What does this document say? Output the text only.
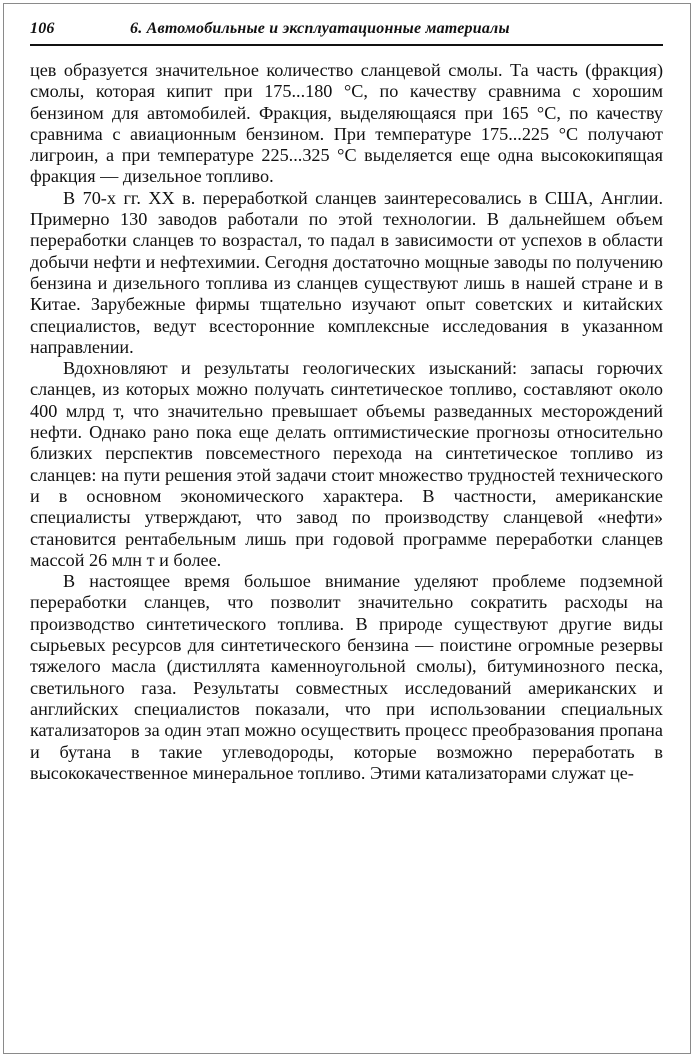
106	6. Автомобильные и эксплуатационные материалы

цев образуется значительное количество сланцевой смолы. Та часть (фракция) смолы, которая кипит при 175...180 °С, по качеству сравнима с хорошим бензином для автомобилей. Фракция, выделяющаяся при 165 °С, по качеству сравнима с авиационным бензином. При температуре 175...225 °С получают лигроин, а при температуре 225...325 °С выделяется еще одна высококипящая фракция — дизельное топливо.

В 70-х гг. XX в. переработкой сланцев заинтересовались в США, Англии. Примерно 130 заводов работали по этой технологии. В дальнейшем объем переработки сланцев то возрастал, то падал в зависимости от успехов в области добычи нефти и нефтехимии. Сегодня достаточно мощные заводы по получению бензина и дизельного топлива из сланцев существуют лишь в нашей стране и в Китае. Зарубежные фирмы тщательно изучают опыт советских и китайских специалистов, ведут всесторонние комплексные исследования в указанном направлении.

Вдохновляют и результаты геологических изысканий: запасы горючих сланцев, из которых можно получать синтетическое топливо, составляют около 400 млрд т, что значительно превышает объемы разведанных месторождений нефти. Однако рано пока еще делать оптимистические прогнозы относительно близких перспектив повсеместного перехода на синтетическое топливо из сланцев: на пути решения этой задачи стоит множество трудностей технического и в основном экономического характера. В частности, американские специалисты утверждают, что завод по производству сланцевой «нефти» становится рентабельным лишь при годовой программе переработки сланцев массой 26 млн т и более.

В настоящее время большое внимание уделяют проблеме подземной переработки сланцев, что позволит значительно сократить расходы на производство синтетического топлива. В природе существуют другие виды сырьевых ресурсов для синтетического бензина — поистине огромные резервы тяжелого масла (дистиллята каменноугольной смолы), битуминозного песка, светильного газа. Результаты совместных исследований американских и английских специалистов показали, что при использовании специальных катализаторов за один этап можно осуществить процесс преобразования пропана и бутана в такие углеводороды, которые возможно переработать в высококачественное минеральное топливо. Этими катализаторами служат це-
